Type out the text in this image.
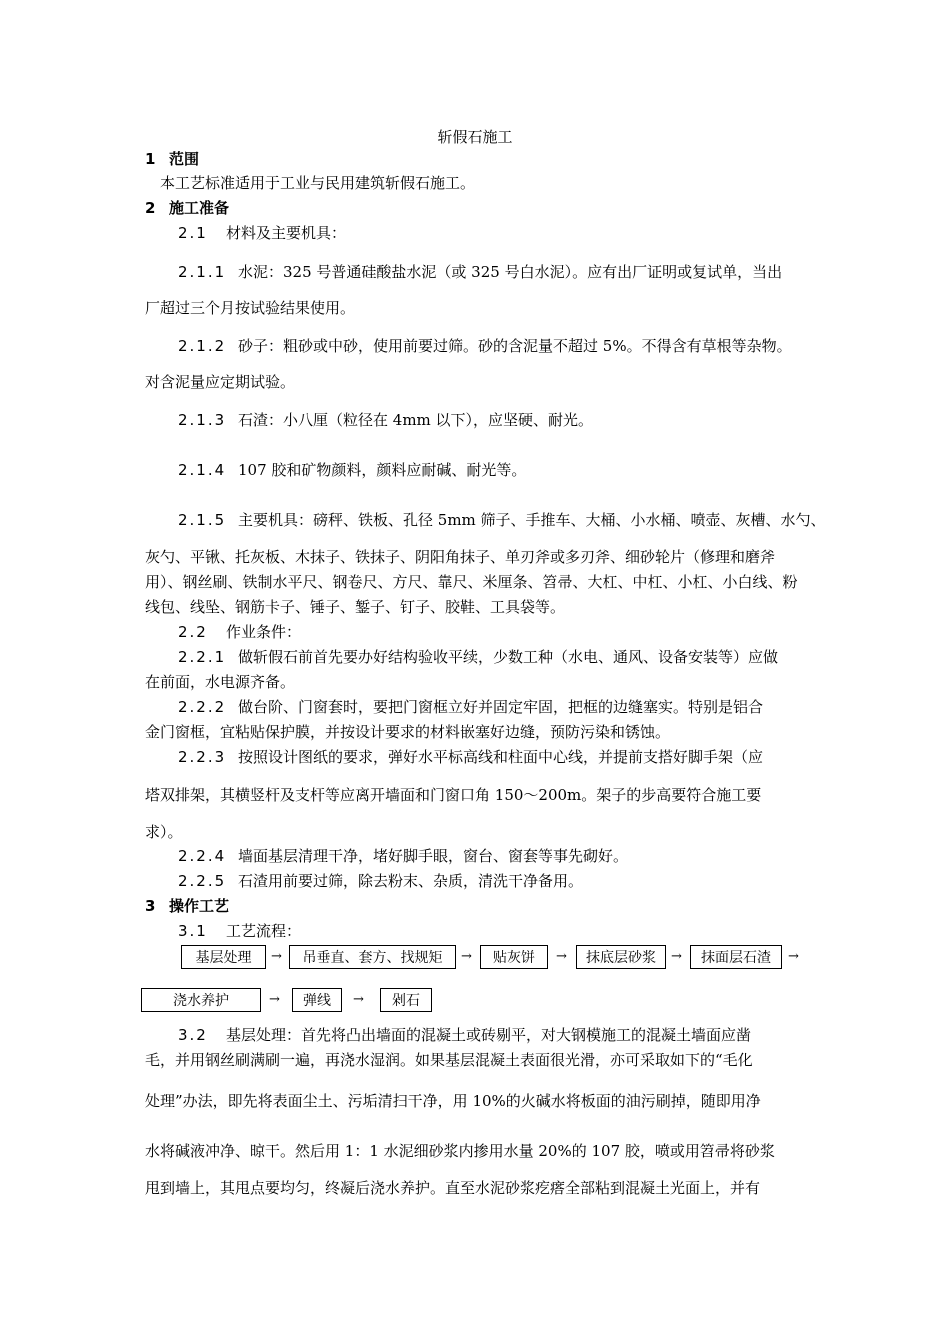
斩假石施工
1 范围
本工艺标准适用于工业与民用建筑斩假石施工。
2 施工准备
2.1 材料及主要机具：
2.1.1 水泥：325 号普通硅酸盐水泥（或 325 号白水泥）。应有出厂证明或复试单，当出
厂超过三个月按试验结果使用。
2.1.2 砂子：粗砂或中砂，使用前要过筛。砂的含泥量不超过 5%。不得含有草根等杂物。
对含泥量应定期试验。
2.1.3 石渣：小八厘（粒径在 4mm 以下），应坚硬、耐光。
2.1.4 107 胶和矿物颜料，颜料应耐碱、耐光等。
2.1.5 主要机具：磅秤、铁板、孔径 5mm 筛子、手推车、大桶、小水桶、喷壶、灰槽、水勺、
灰勺、平锹、托灰板、木抹子、铁抹子、阴阳角抹子、单刃斧或多刃斧、细砂轮片（修理和磨斧
用）、钢丝刷、铁制水平尺、钢卷尺、方尺、靠尺、米厘条、笤帚、大杠、中杠、小杠、小白线、粉
线包、线坠、钢筋卡子、锤子、錾子、钉子、胶鞋、工具袋等。
2.2 作业条件：
2.2.1 做斩假石前首先要办好结构验收平续，少数工种（水电、通风、设备安装等）应做
在前面，水电源齐备。
2.2.2 做台阶、门窗套时，要把门窗框立好并固定牢固，把框的边缝塞实。特别是铝合
金门窗框，宜粘贴保护膜，并按设计要求的材料嵌塞好边缝，预防污染和锈蚀。
2.2.3 按照设计图纸的要求，弹好水平标高线和柱面中心线，并提前支搭好脚手架（应
塔双排架，其横竖杆及支杆等应离开墙面和门窗口角 150～200m。架子的步高要符合施工要
求）。
2.2.4 墙面基层清理干净，堵好脚手眼，窗台、窗套等事先砌好。
2.2.5 石渣用前要过筛，除去粉末、杂质，清洗干净备用。
3 操作工艺
3.1 工艺流程：
基层处理	→	吊垂直、套方、找规矩	→	贴灰饼	→	抹底层砂浆	→	抹面层石渣	→
浇水养护	→	弹线	→	剁石
3.2 基层处理：首先将凸出墙面的混凝土或砖剔平，对大钢模施工的混凝土墙面应凿
毛，并用钢丝刷满刷一遍，再浇水湿润。如果基层混凝土表面很光滑，亦可采取如下的“毛化
处理”办法，即先将表面尘土、污垢清扫干净，用 10%的火碱水将板面的油污刷掉，随即用净
水将碱液冲净、晾干。然后用 1：1 水泥细砂浆内掺用水量 20%的 107 胶，喷或用笤帚将砂浆
甩到墙上，其甩点要均匀，终凝后浇水养护。直至水泥砂浆疙瘩全部粘到混凝土光面上，并有
